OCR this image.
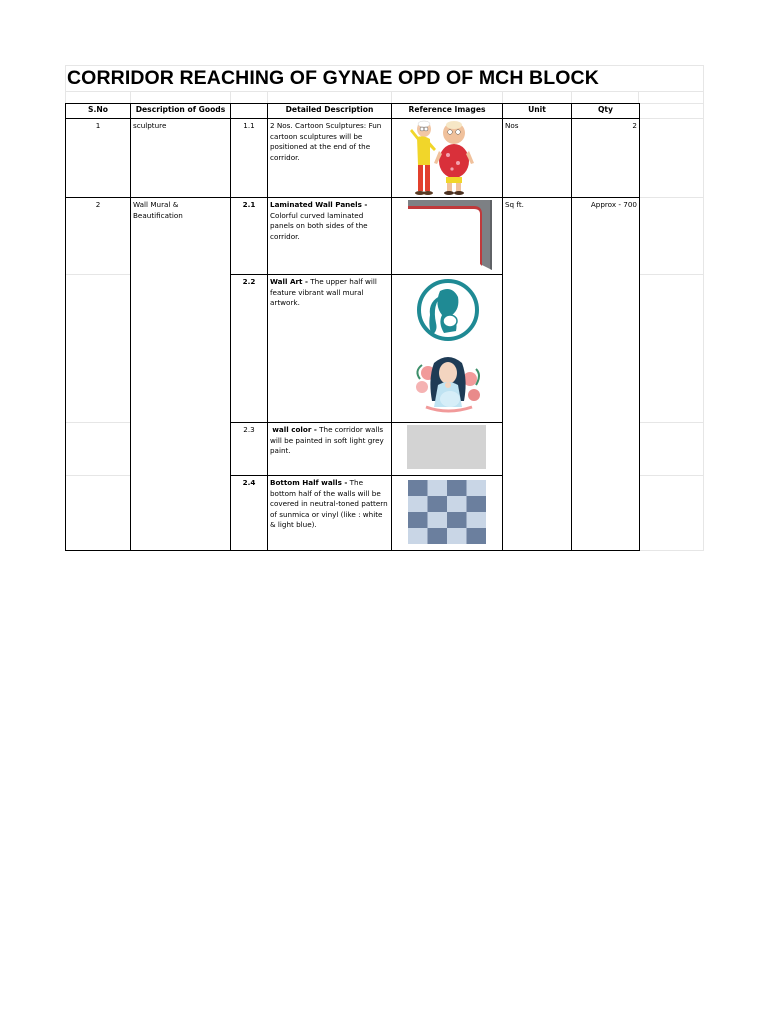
CORRIDOR REACHING OF GYNAE OPD OF MCH BLOCK
S.No	Description of Goods		Detailed Description	Reference Images	Unit	Qty
1	sculpture	1.1	2 Nos. Cartoon Sculptures: Fun cartoon sculptures will be positioned at the end of the corridor.		Nos	2
2	Wall Mural & Beautification	2.1	Laminated Wall Panels - Colorful curved laminated panels on both sides of the corridor.		Sq ft.	Approx - 700
		2.2	Wall Art - The upper half will feature vibrant wall mural artwork.	

		2.3	wall color - The corridor walls will be painted in soft light grey paint.	

		2.4	Bottom Half walls - The bottom half of the walls will be covered in neutral-toned pattern of sunmica or vinyl (like : white & light blue).	
